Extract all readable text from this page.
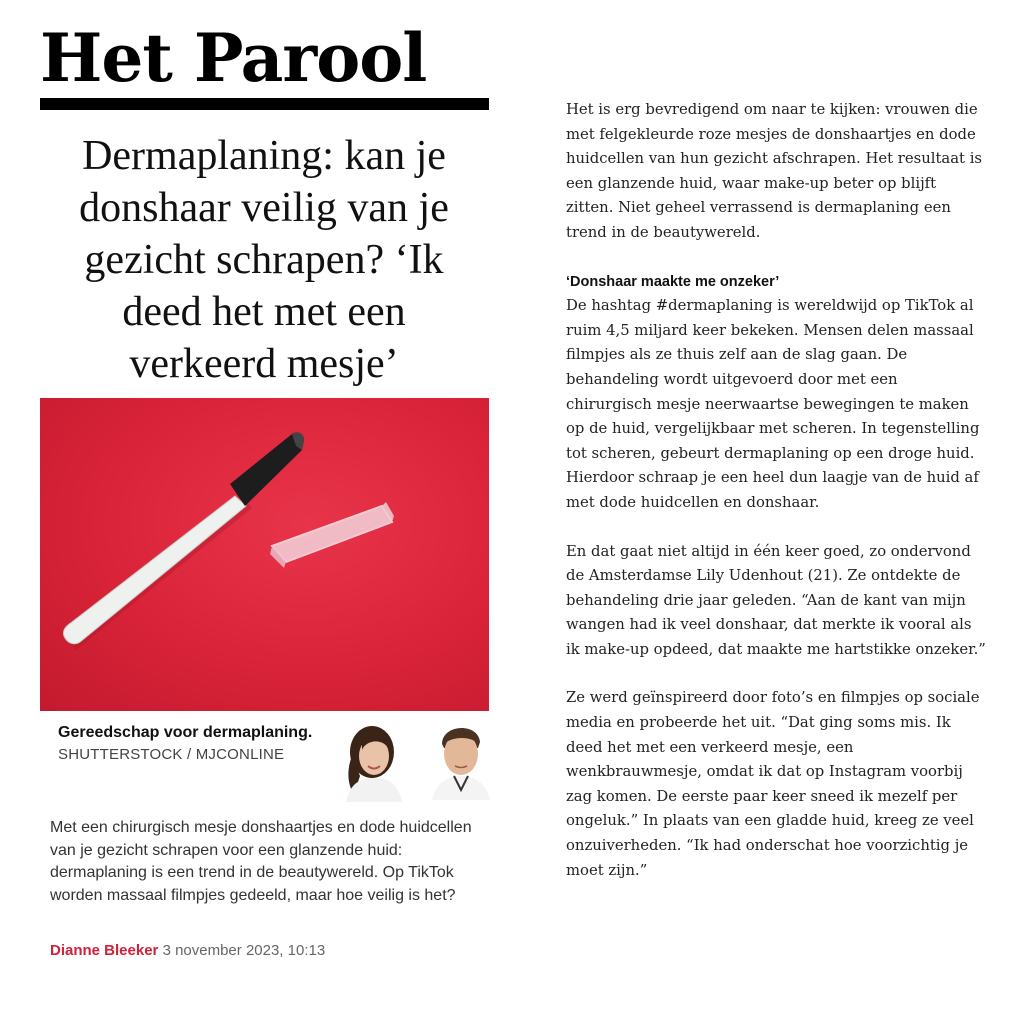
Het Parool
Dermaplaning: kan je donshaar veilig van je gezicht schrapen? ‘Ik deed het met een verkeerd mesje’
Gereedschap voor dermaplaning.
SHUTTERSTOCK / MJCONLINE
Met een chirurgisch mesje donshaartjes en dode huidcellen van je gezicht schrapen voor een glanzende huid: dermaplaning is een trend in de beautywereld. Op TikTok worden massaal filmpjes gedeeld, maar hoe veilig is het?
Dianne Bleeker 3 november 2023, 10:13

Het is erg bevredigend om naar te kijken: vrouwen die met felgekleurde roze mesjes de donshaartjes en dode huidcellen van hun gezicht afschrapen. Het resultaat is een glanzende huid, waar make-up beter op blijft zitten. Niet geheel verrassend is dermaplaning een trend in de beautywereld.

‘Donshaar maakte me onzeker’

De hashtag #dermaplaning is wereldwijd op TikTok al ruim 4,5 miljard keer bekeken. Mensen delen massaal filmpjes als ze thuis zelf aan de slag gaan. De behandeling wordt uitgevoerd door met een chirurgisch mesje neerwaartse bewegingen te maken op de huid, vergelijkbaar met scheren. In tegenstelling tot scheren, gebeurt dermaplaning op een droge huid. Hierdoor schraap je een heel dun laagje van de huid af met dode huidcellen en donshaar.

En dat gaat niet altijd in één keer goed, zo ondervond de Amsterdamse Lily Udenhout (21). Ze ontdekte de behandeling drie jaar geleden. “Aan de kant van mijn wangen had ik veel donshaar, dat merkte ik vooral als ik make-up opdeed, dat maakte me hartstikke onzeker.”

Ze werd geïnspireerd door foto’s en filmpjes op sociale media en probeerde het uit. “Dat ging soms mis. Ik deed het met een verkeerd mesje, een wenkbrauwmesje, omdat ik dat op Instagram voorbij zag komen. De eerste paar keer sneed ik mezelf per ongeluk.” In plaats van een gladde huid, kreeg ze veel onzuiverheden. “Ik had onderschat hoe voorzichtig je moet zijn.”
